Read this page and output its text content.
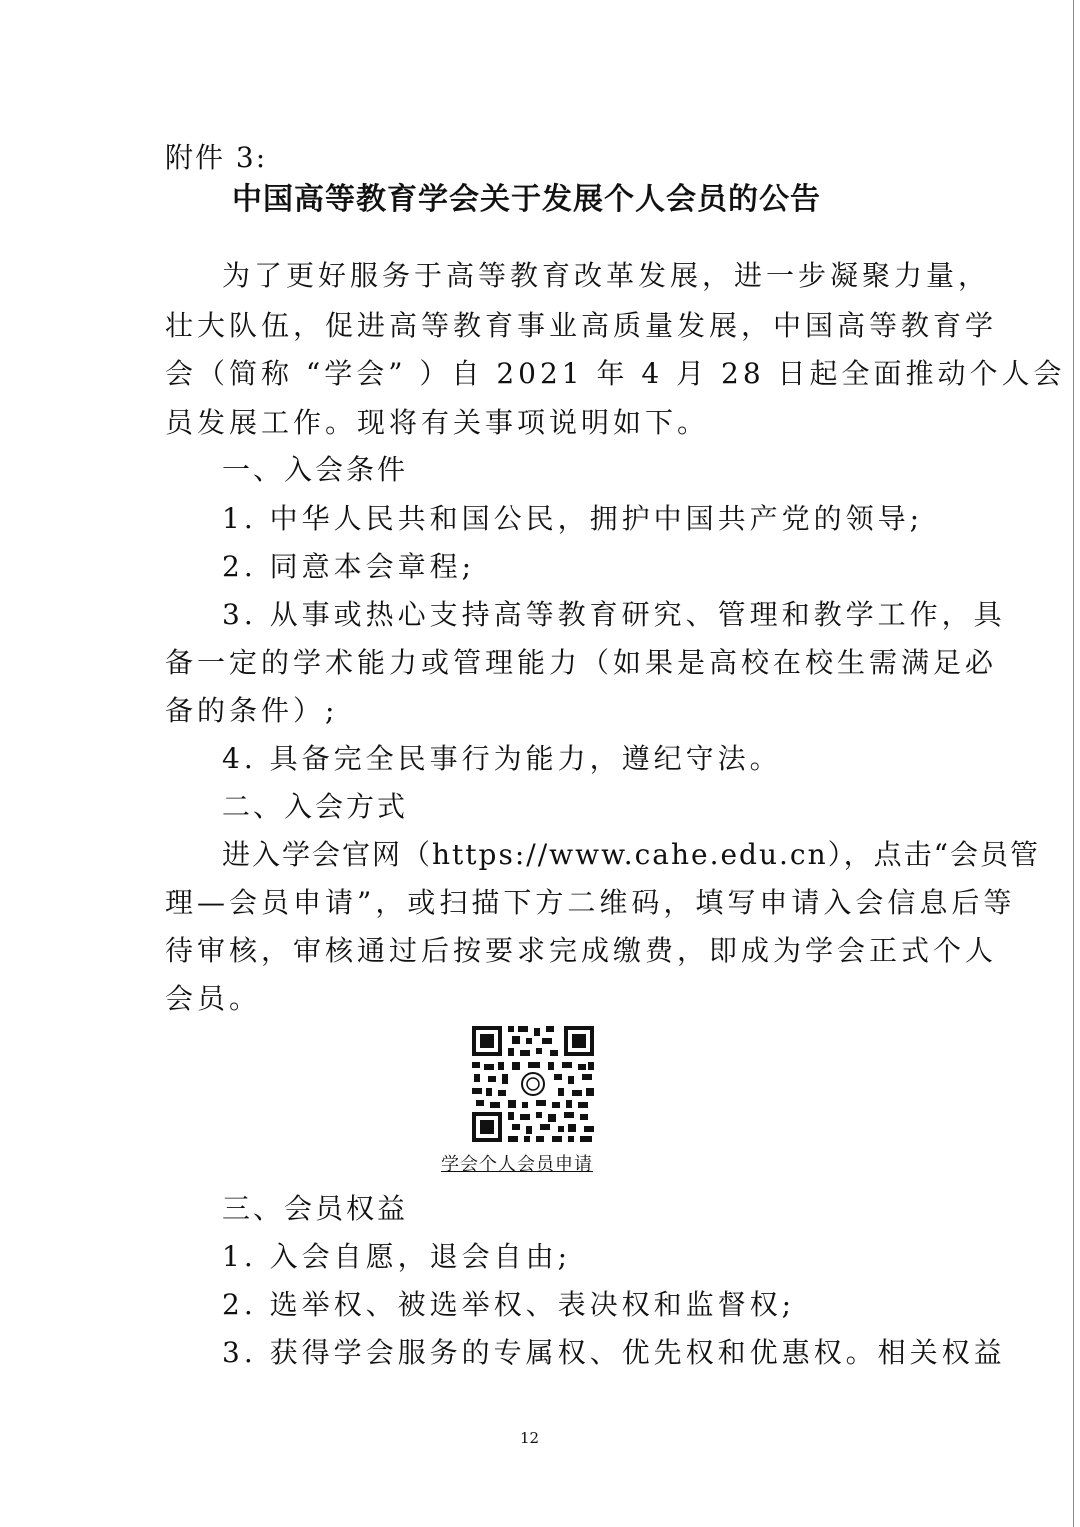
附件 3:
中国高等教育学会关于发展个人会员的公告
为了更好服务于高等教育改革发展，进一步凝聚力量，
壮大队伍，促进高等教育事业高质量发展，中国高等教育学
会（简称 “学会” ）自 2021 年 4 月 28 日起全面推动个人会
员发展工作。现将有关事项说明如下。
一、入会条件
1. 中华人民共和国公民，拥护中国共产党的领导;
2. 同意本会章程;
3. 从事或热心支持高等教育研究、管理和教学工作，具
备一定的学术能力或管理能力（如果是高校在校生需满足必
备的条件）;
4. 具备完全民事行为能力，遵纪守法。
二、入会方式
进入学会官网（https://www.cahe.edu.cn），点击“会员管
理—会员申请”，或扫描下方二维码，填写申请入会信息后等
待审核，审核通过后按要求完成缴费，即成为学会正式个人
会员。
学会个人会员申请
三、会员权益
1. 入会自愿，退会自由;
2. 选举权、被选举权、表决权和监督权;
3. 获得学会服务的专属权、优先权和优惠权。相关权益
12
